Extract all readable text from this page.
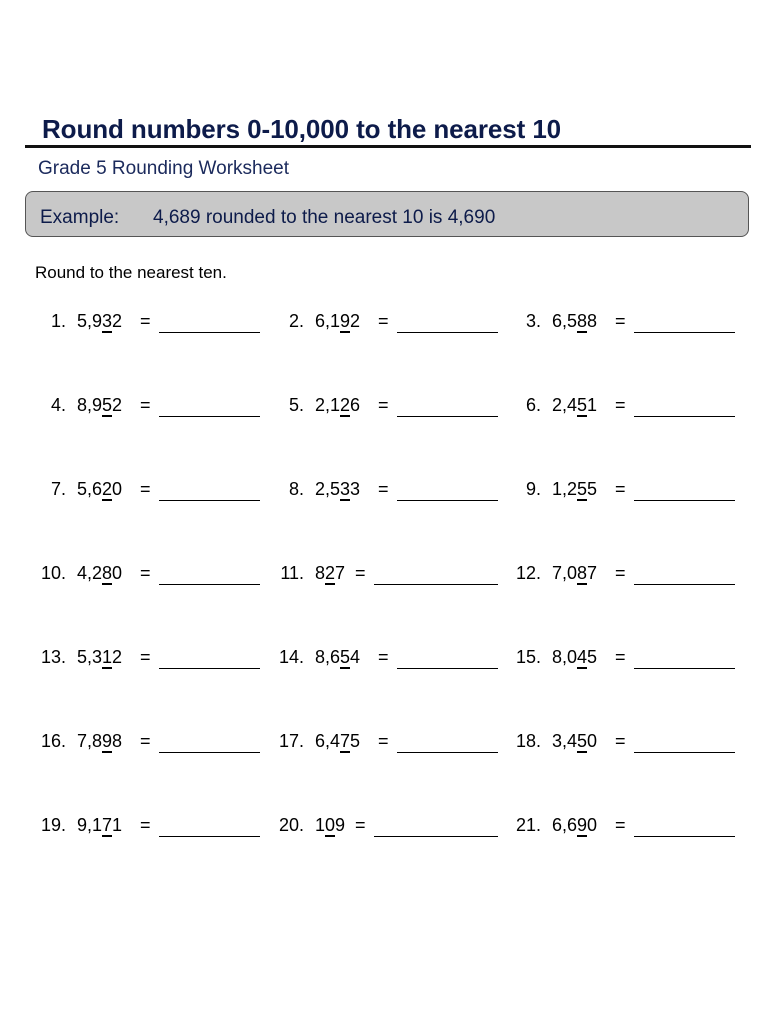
Round numbers 0-10,000 to the nearest 10
Grade 5 Rounding Worksheet
Example: 4,689 rounded to the nearest 10 is 4,690
Round to the nearest ten.
1. 5,932 =	2. 6,192 =	3. 6,588 =
4. 8,952 =	5. 2,126 =	6. 2,451 =
7. 5,620 =	8. 2,533 =	9. 1,255 =
10. 4,280 =	11. 827 =	12. 7,087 =
13. 5,312 =	14. 8,654 =	15. 8,045 =
16. 7,898 =	17. 6,475 =	18. 3,450 =
19. 9,171 =	20. 109 =	21. 6,690 =
